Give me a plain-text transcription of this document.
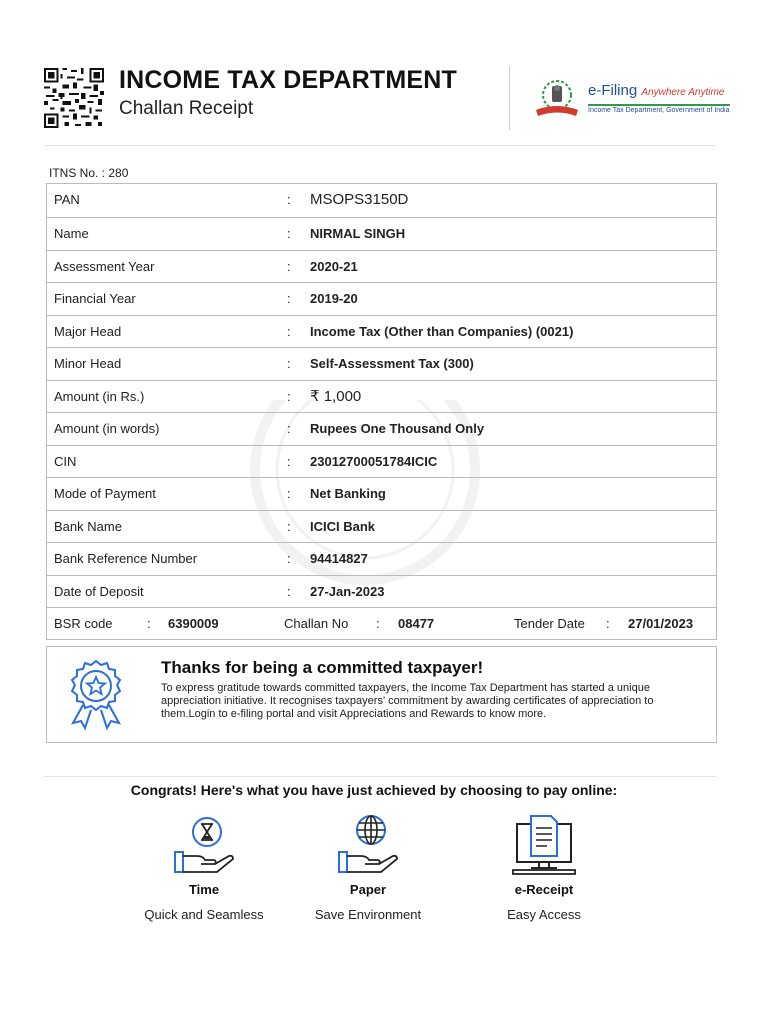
INCOME TAX DEPARTMENT
Challan Receipt
e-Filing Anywhere Anytime
Income Tax Department, Government of India
ITNS No. : 280
PAN	: MSOPS3150D
Name	: NIRMAL SINGH
Assessment Year	: 2020-21
Financial Year	: 2019-20
Major Head	: Income Tax (Other than Companies) (0021)
Minor Head	: Self-Assessment Tax (300)
Amount (in Rs.)	: ₹ 1,000
Amount (in words)	: Rupees One Thousand Only
CIN	: 23012700051784ICIC
Mode of Payment	: Net Banking
Bank Name	: ICICI Bank
Bank Reference Number	: 94414827
Date of Deposit	: 27-Jan-2023
BSR code	: 6390009	Challan No : 08477	Tender Date : 27/01/2023
Thanks for being a committed taxpayer!
To express gratitude towards committed taxpayers, the Income Tax Department has started a unique appreciation initiative. It recognises taxpayers' commitment by awarding certificates of appreciation to them.Login to e-filing portal and visit Appreciations and Rewards to know more.
Congrats! Here's what you have just achieved by choosing to pay online:
Time
Quick and Seamless
Paper
Save Environment
e-Receipt
Easy Access
